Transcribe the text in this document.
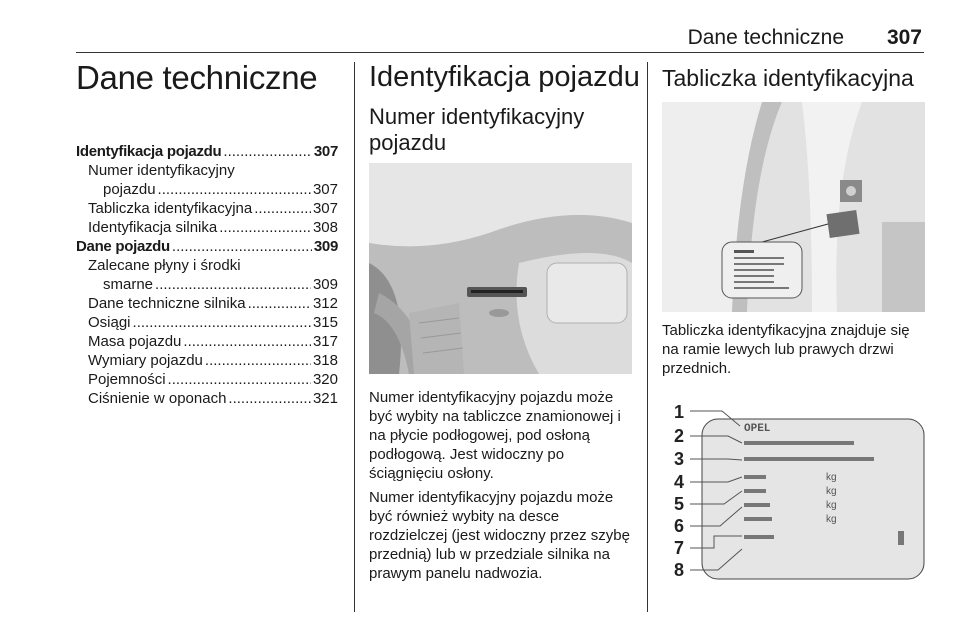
Dane techniczne 307
Dane techniczne
Identyfikacja pojazdu .....	307
Numer identyfikacyjny
pojazdu .....	307
Tabliczka identyfikacyjna .....	307
Identyfikacja silnika .....	308
Dane pojazdu .....	309
Zalecane płyny i środki
smarne .....	309
Dane techniczne silnika .....	312
Osiągi .....	315
Masa pojazdu .....	317
Wymiary pojazdu .....	318
Pojemności .....	320
Ciśnienie w oponach .....	321
Identyfikacja pojazdu
Numer identyfikacyjny
pojazdu

Numer identyfikacyjny pojazdu może być wybity na tabliczce znamionowej i na płycie podłogowej, pod osłoną podłogową. Jest widoczny po ściągnięciu osłony.

Numer identyfikacyjny pojazdu może być również wybity na desce rozdzielczej (jest widoczny przez szybę przednią) lub w przedziale silnika na prawym panelu nadwozia.

Tabliczka identyfikacyjna

Tabliczka identyfikacyjna znajduje się na ramie lewych lub prawych drzwi przednich.

1
2
3
4
5
6
7
8
OPEL
kg
kg
kg
kg
